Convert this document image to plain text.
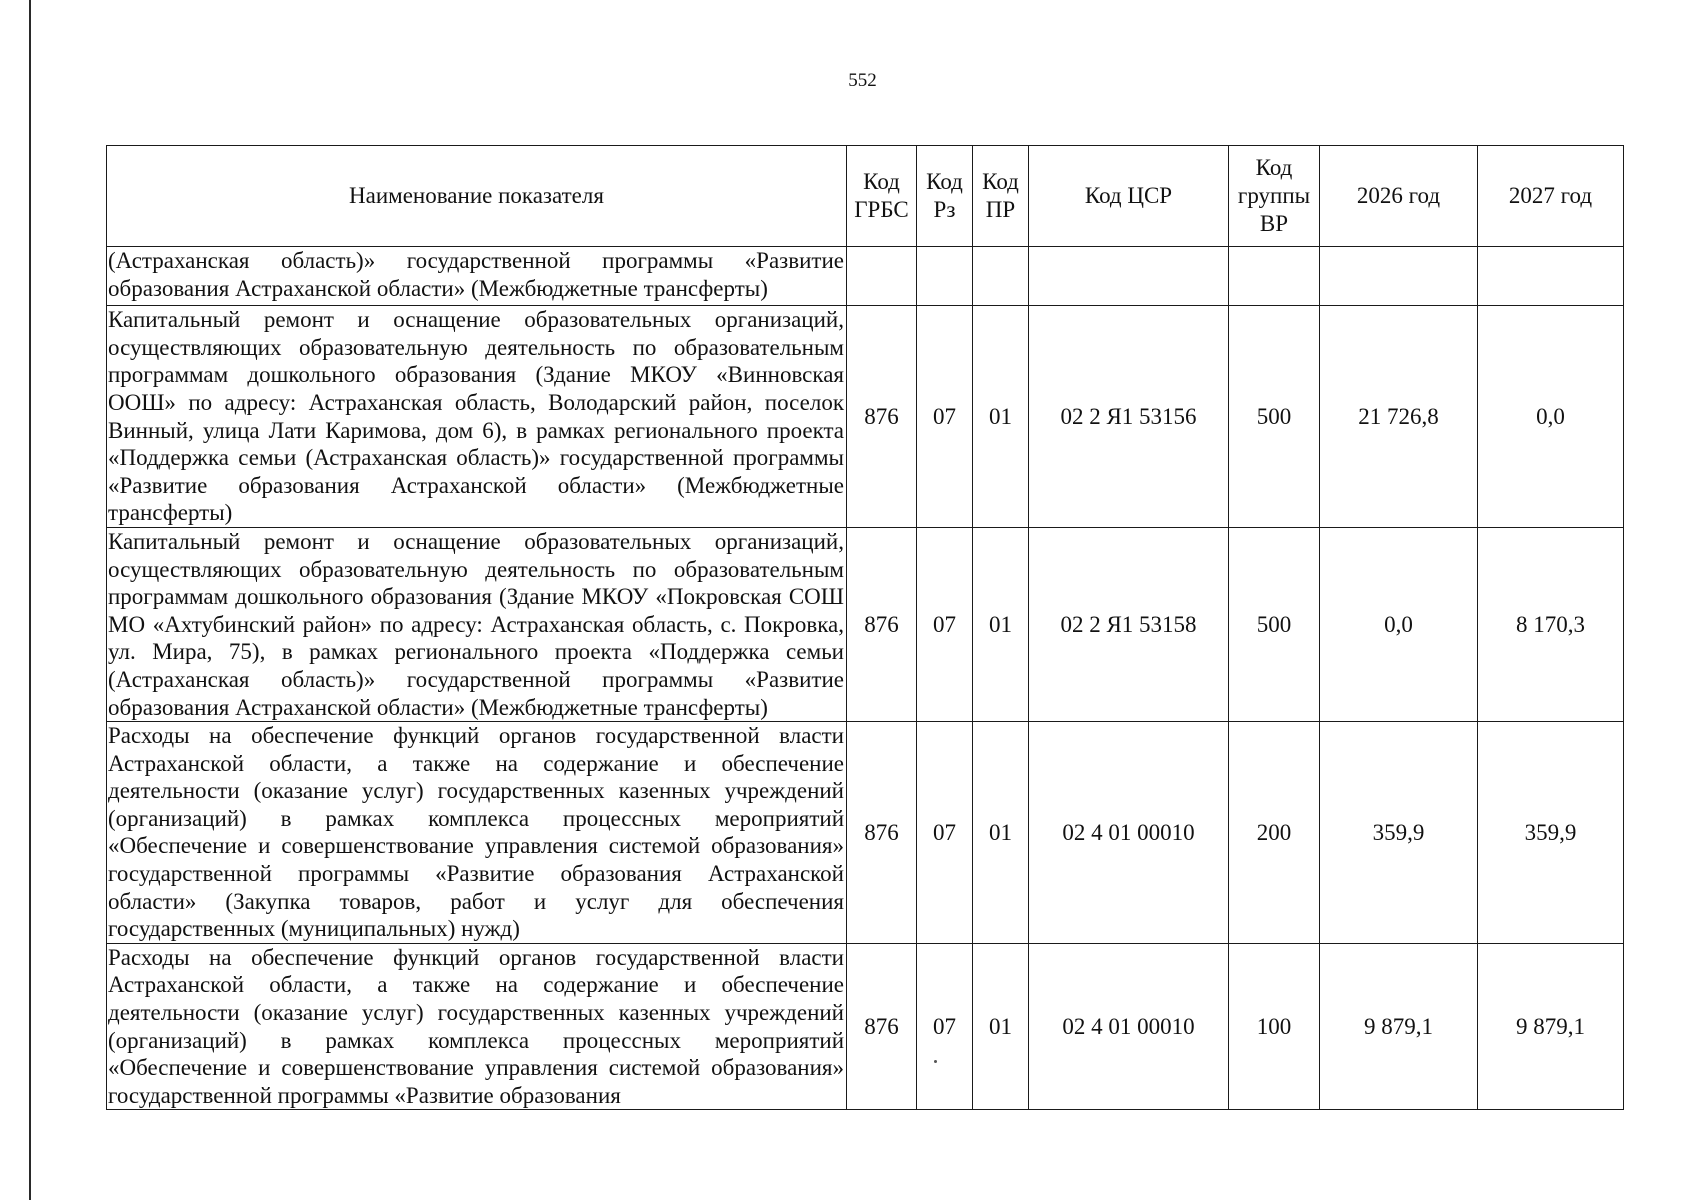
552
Наименование показателя	Код ГРБС	Код Рз	Код ПР	Код ЦСР	Код группы ВР	2026 год	2027 год
(Астраханская область)» государственной программы «Развитие образования Астраханской области» (Межбюджетные трансферты)							
Капитальный ремонт и оснащение образовательных организаций, осуществляющих образовательную деятельность по образовательным программам дошкольного образования (Здание МКОУ «Винновская ООШ» по адресу: Астраханская область, Володарский район, поселок Винный, улица Лати Каримова, дом 6), в рамках регионального проекта «Поддержка семьи (Астраханская область)» государственной программы «Развитие образования Астраханской области» (Межбюджетные трансферты)	876	07	01	02 2 Я1 53156	500	21 726,8	0,0
Капитальный ремонт и оснащение образовательных организаций, осуществляющих образовательную деятельность по образовательным программам дошкольного образования (Здание МКОУ «Покровская СОШ МО «Ахтубинский район» по адресу: Астраханская область, с. Покровка, ул. Мира, 75), в рамках регионального проекта «Поддержка семьи (Астраханская область)» государственной программы «Развитие образования Астраханской области» (Межбюджетные трансферты)	876	07	01	02 2 Я1 53158	500	0,0	8 170,3
Расходы на обеспечение функций органов государственной власти Астраханской области, а также на содержание и обеспечение деятельности (оказание услуг) государственных казенных учреждений (организаций) в рамках комплекса процессных мероприятий «Обеспечение и совершенствование управления системой образования» государственной программы «Развитие образования Астраханской области» (Закупка товаров, работ и услуг для обеспечения государственных (муниципальных) нужд)	876	07	01	02 4 01 00010	200	359,9	359,9
Расходы на обеспечение функций органов государственной власти Астраханской области, а также на содержание и обеспечение деятельности (оказание услуг) государственных казенных учреждений (организаций) в рамках комплекса процессных мероприятий «Обеспечение и совершенствование управления системой образования» государственной программы «Развитие образования	876	07	01	02 4 01 00010	100	9 879,1	9 879,1
